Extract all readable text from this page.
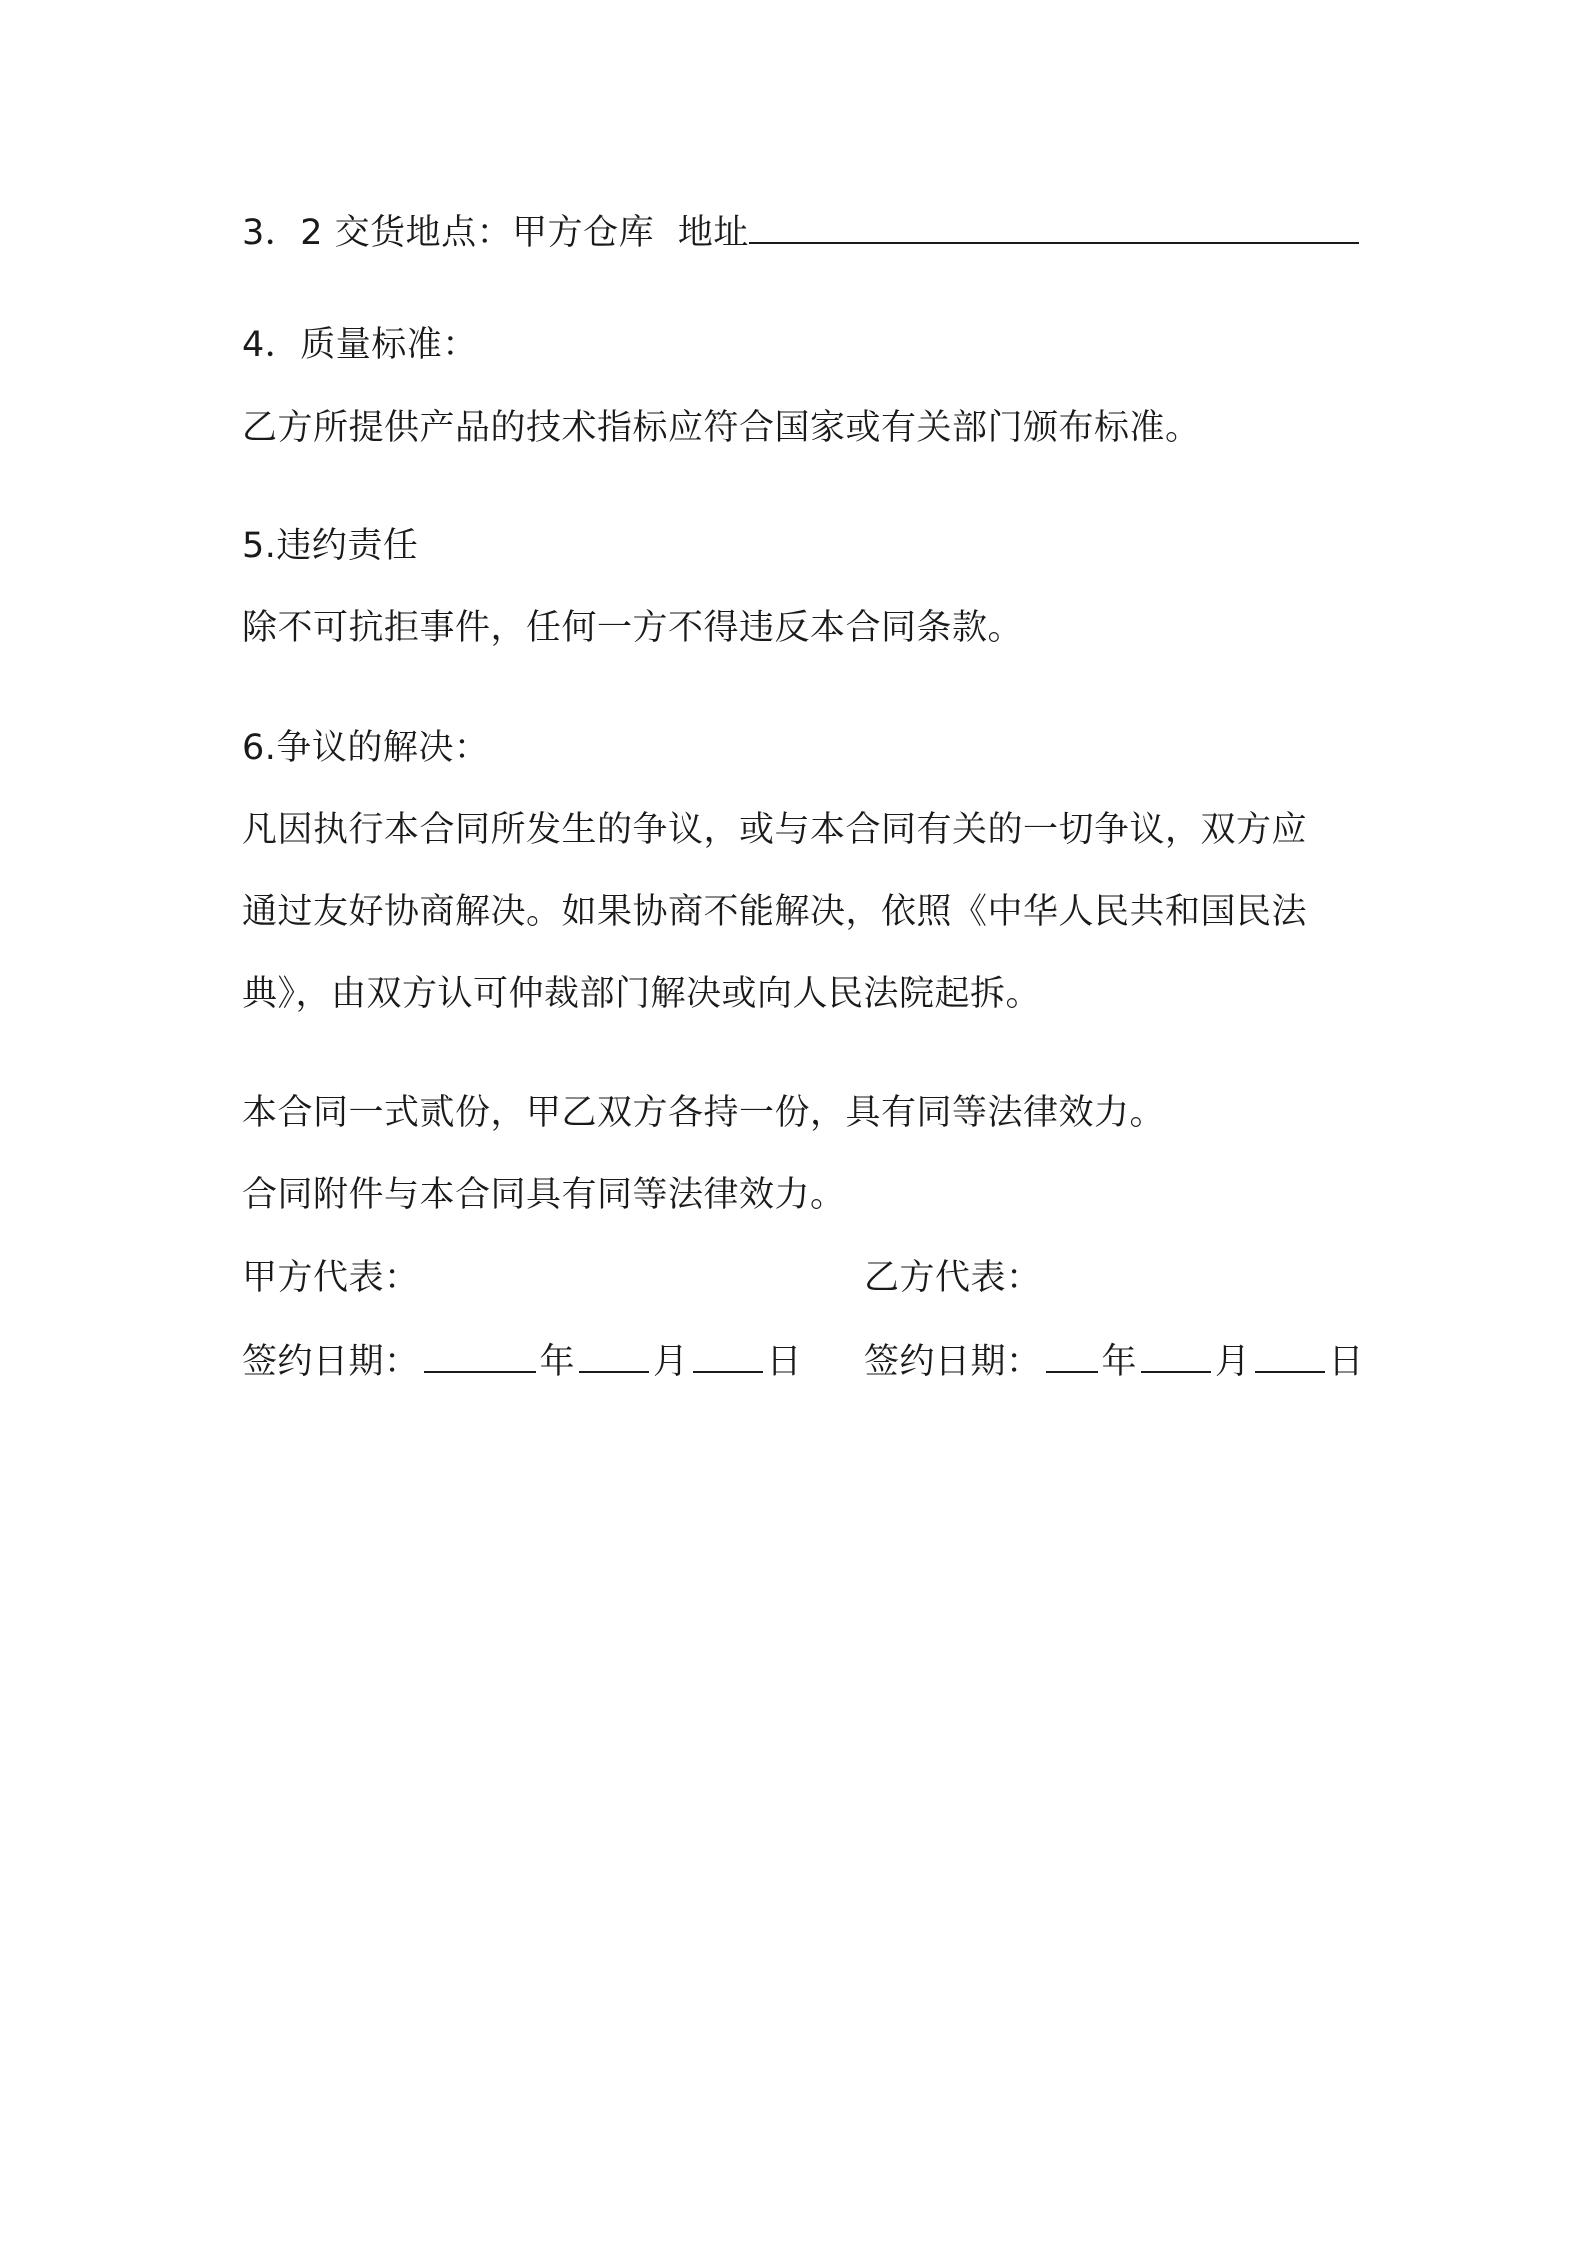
3．2 交货地点：甲方仓库 地址
4．质量标准：
乙方所提供产品的技术指标应符合国家或有关部门颁布标准。
5.违约责任
除不可抗拒事件，任何一方不得违反本合同条款。
6.争议的解决：
凡因执行本合同所发生的争议，或与本合同有关的一切争议，双方应
通过友好协商解决。如果协商不能解决，依照《中华人民共和国民法
典》，由双方认可仲裁部门解决或向人民法院起拆。
本合同一式贰份，甲乙双方各持一份，具有同等法律效力。
合同附件与本合同具有同等法律效力。
甲方代表：	乙方代表：
签约日期：	年 月 日 签约日期： 年 月 日
